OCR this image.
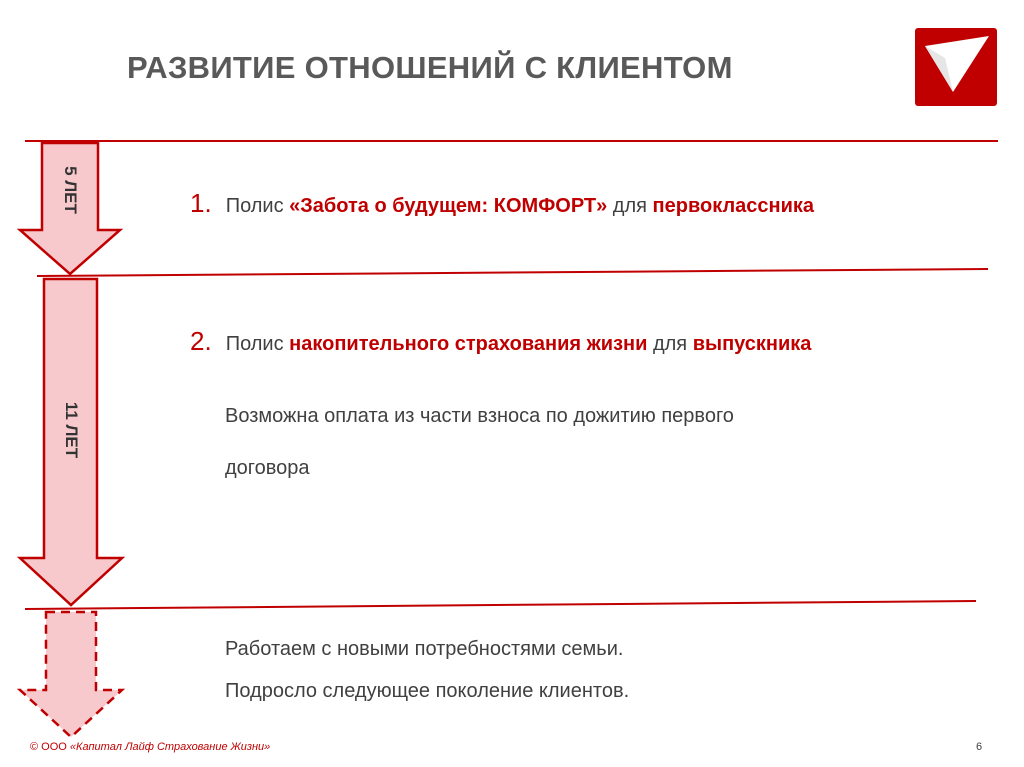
РАЗВИТИЕ ОТНОШЕНИЙ С КЛИЕНТОМ
5 ЛЕТ
11 ЛЕТ
1. Полис «Забота о будущем: КОМФОРТ» для первоклассника
2. Полис накопительного страхования жизни для выпускника
Возможна оплата из части взноса по дожитию первого
договора
Работаем с новыми потребностями семьи.
Подросло следующее поколение клиентов.
© ООО «Капитал Лайф Страхование Жизни»	6
